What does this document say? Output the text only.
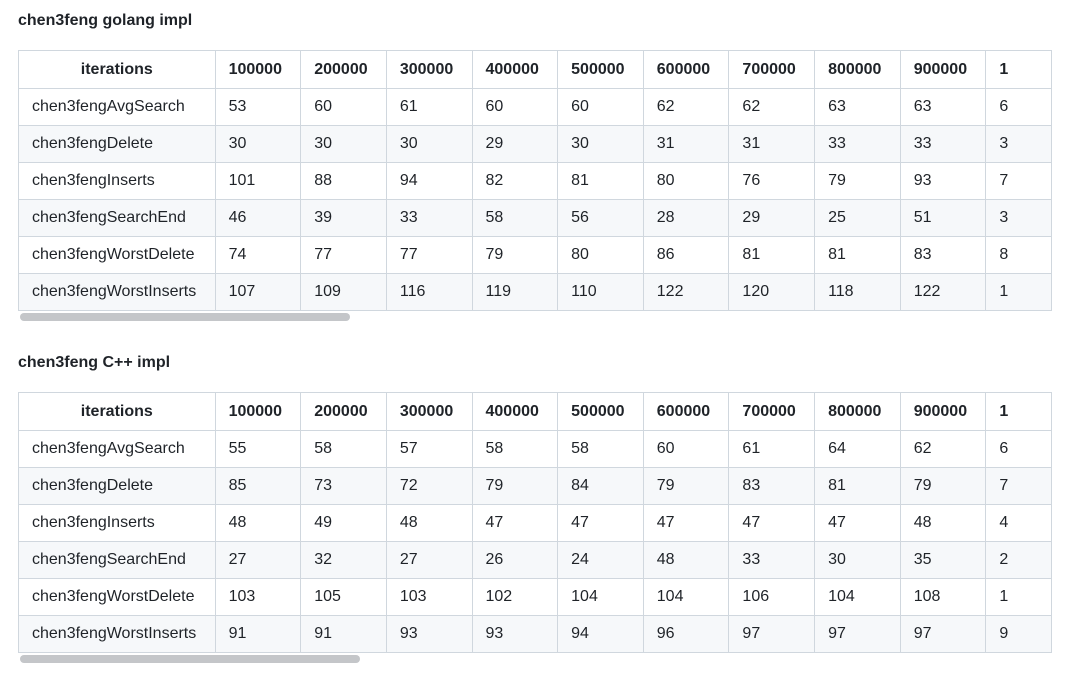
chen3feng golang impl
iterations	100000	200000	300000	400000	500000	600000	700000	800000	900000	1
chen3fengAvgSearch	53	60	61	60	60	62	62	63	63	6
chen3fengDelete	30	30	30	29	30	31	31	33	33	3
chen3fengInserts	101	88	94	82	81	80	76	79	93	7
chen3fengSearchEnd	46	39	33	58	56	28	29	25	51	3
chen3fengWorstDelete	74	77	77	79	80	86	81	81	83	8
chen3fengWorstInserts	107	109	116	119	110	122	120	118	122	1
chen3feng C++ impl
iterations	100000	200000	300000	400000	500000	600000	700000	800000	900000	1
chen3fengAvgSearch	55	58	57	58	58	60	61	64	62	6
chen3fengDelete	85	73	72	79	84	79	83	81	79	7
chen3fengInserts	48	49	48	47	47	47	47	47	48	4
chen3fengSearchEnd	27	32	27	26	24	48	33	30	35	2
chen3fengWorstDelete	103	105	103	102	104	104	106	104	108	1
chen3fengWorstInserts	91	91	93	93	94	96	97	97	97	9
